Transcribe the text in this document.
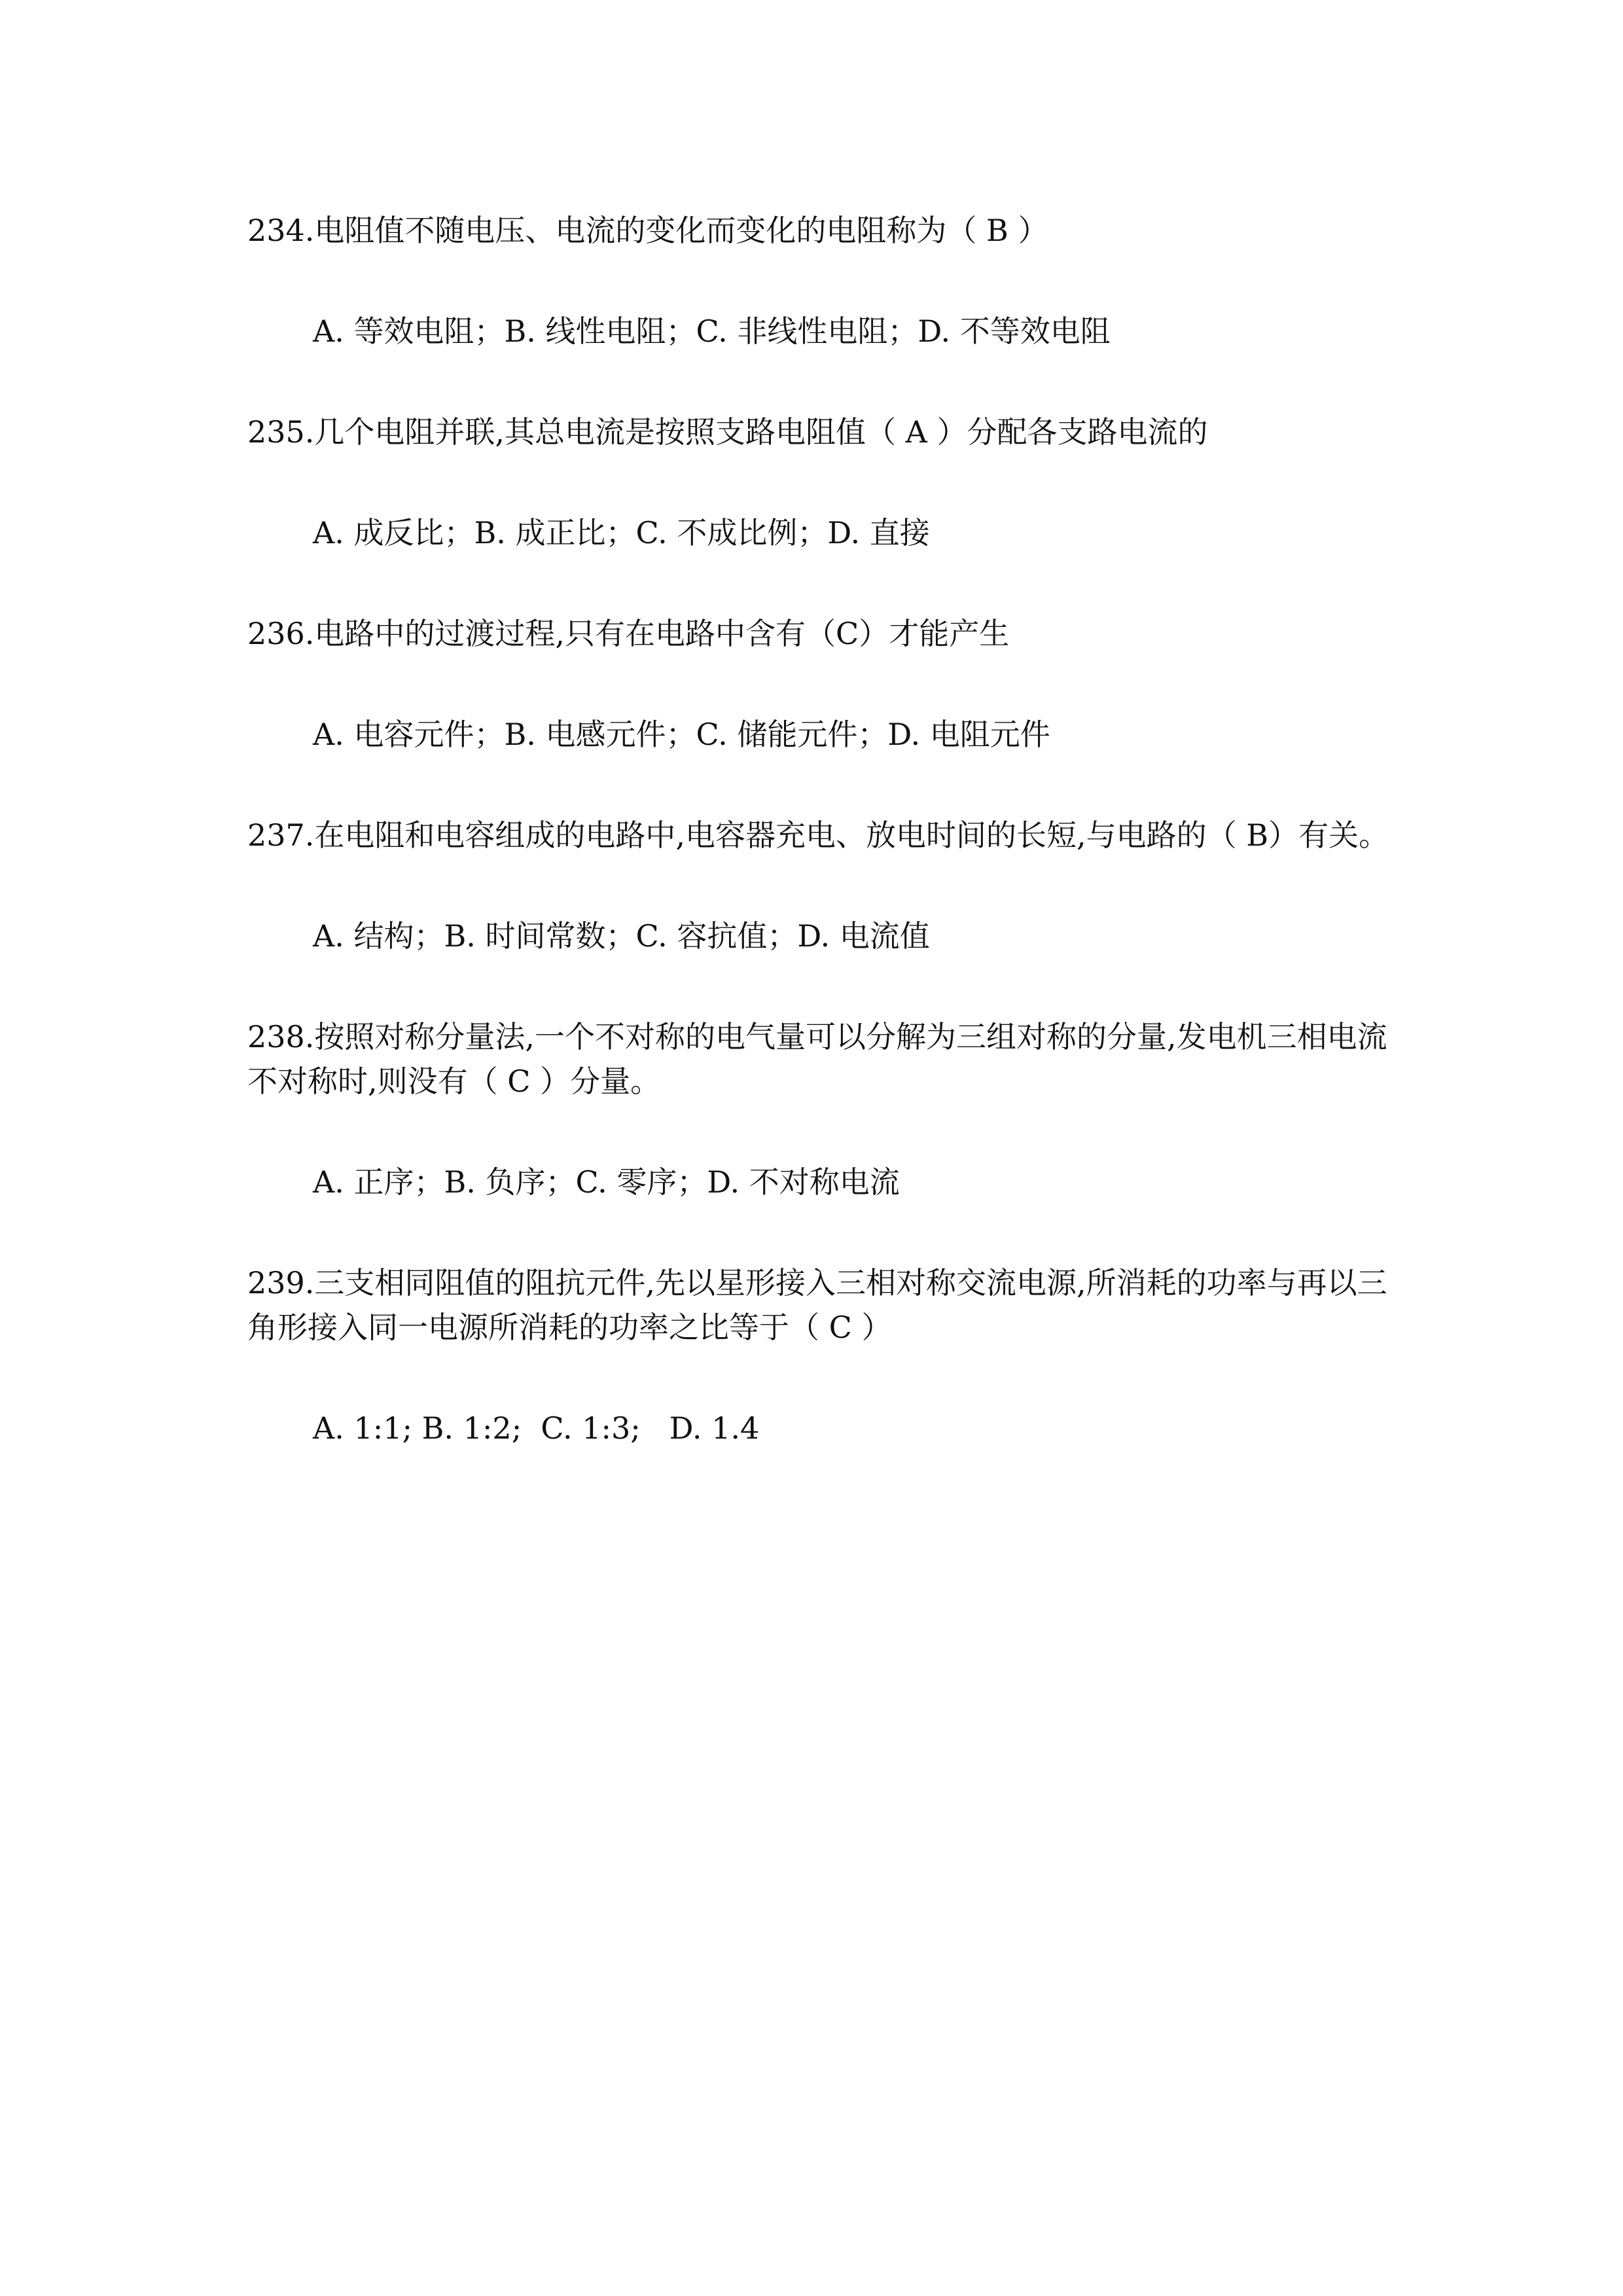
234.电阻值不随电压、电流的变化而变化的电阻称为（ B ）

A. 等效电阻；B. 线性电阻；C. 非线性电阻；D. 不等效电阻

235.几个电阻并联,其总电流是按照支路电阻值（ A ）分配各支路电流的

A. 成反比；B. 成正比；C. 不成比例；D. 直接

236.电路中的过渡过程,只有在电路中含有（C）才能产生

A. 电容元件；B. 电感元件；C. 储能元件；D. 电阻元件

237.在电阻和电容组成的电路中,电容器充电、放电时间的长短,与电路的（ B）有关。

A. 结构；B. 时间常数；C. 容抗值；D. 电流值

238.按照对称分量法,一个不对称的电气量可以分解为三组对称的分量,发电机三相电流不对称时,则没有（ C ）分量。

A. 正序；B. 负序；C. 零序；D. 不对称电流

239.三支相同阻值的阻抗元件,先以星形接入三相对称交流电源,所消耗的功率与再以三角形接入同一电源所消耗的功率之比等于（ C ）

A. 1:1; B. 1:2;  C. 1:3;   D. 1.4
